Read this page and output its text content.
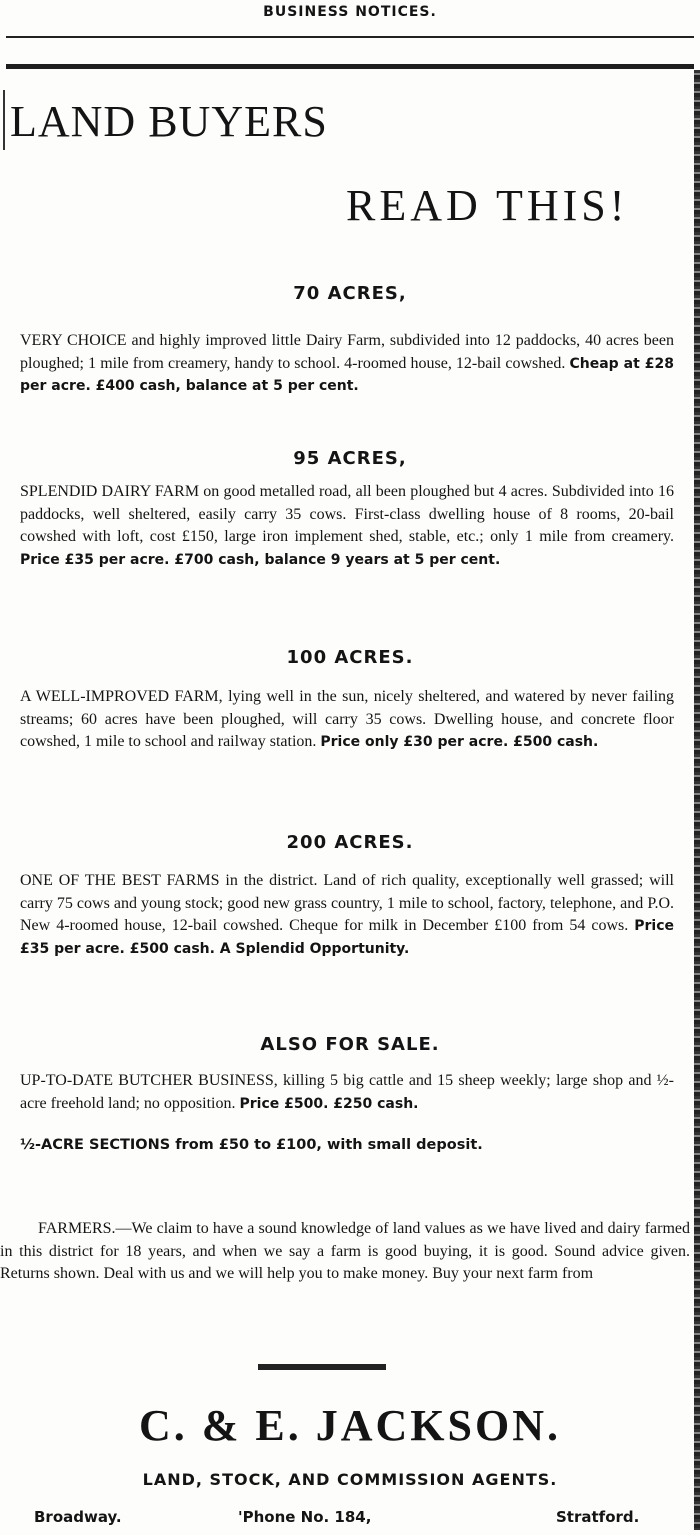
BUSINESS NOTICES.
LAND BUYERS
READ THIS!
70 ACRES,
VERY CHOICE and highly improved little Dairy Farm, subdivided into 12 paddocks, 40 acres been ploughed; 1 mile from creamery, handy to school. 4-roomed house, 12-bail cowshed. Cheap at £28 per acre. £400 cash, balance at 5 per cent.
95 ACRES,
SPLENDID DAIRY FARM on good metalled road, all been ploughed but 4 acres. Subdivided into 16 paddocks, well sheltered, easily carry 35 cows. First-class dwelling house of 8 rooms, 20-bail cowshed with loft, cost £150, large iron implement shed, stable, etc.; only 1 mile from creamery. Price £35 per acre. £700 cash, balance 9 years at 5 per cent.
100 ACRES.
A WELL-IMPROVED FARM, lying well in the sun, nicely sheltered, and watered by never failing streams; 60 acres have been ploughed, will carry 35 cows. Dwelling house, and concrete floor cowshed, 1 mile to school and railway station. Price only £30 per acre. £500 cash.
200 ACRES.
ONE OF THE BEST FARMS in the district. Land of rich quality, exceptionally well grassed; will carry 75 cows and young stock; good new grass country, 1 mile to school, factory, telephone, and P.O. New 4-roomed house, 12-bail cowshed. Cheque for milk in December £100 from 54 cows. Price £35 per acre. £500 cash. A Splendid Opportunity.
ALSO FOR SALE.
UP-TO-DATE BUTCHER BUSINESS, killing 5 big cattle and 15 sheep weekly; large shop and ½-acre freehold land; no opposition. Price £500. £250 cash.
½-ACRE SECTIONS from £50 to £100, with small deposit.
FARMERS.—We claim to have a sound knowledge of land values as we have lived and dairy farmed in this district for 18 years, and when we say a farm is good buying, it is good. Sound advice given. Returns shown. Deal with us and we will help you to make money. Buy your next farm from
C. & E. JACKSON.
LAND, STOCK, AND COMMISSION AGENTS.
Broadway.	'Phone No. 184,	Stratford.
